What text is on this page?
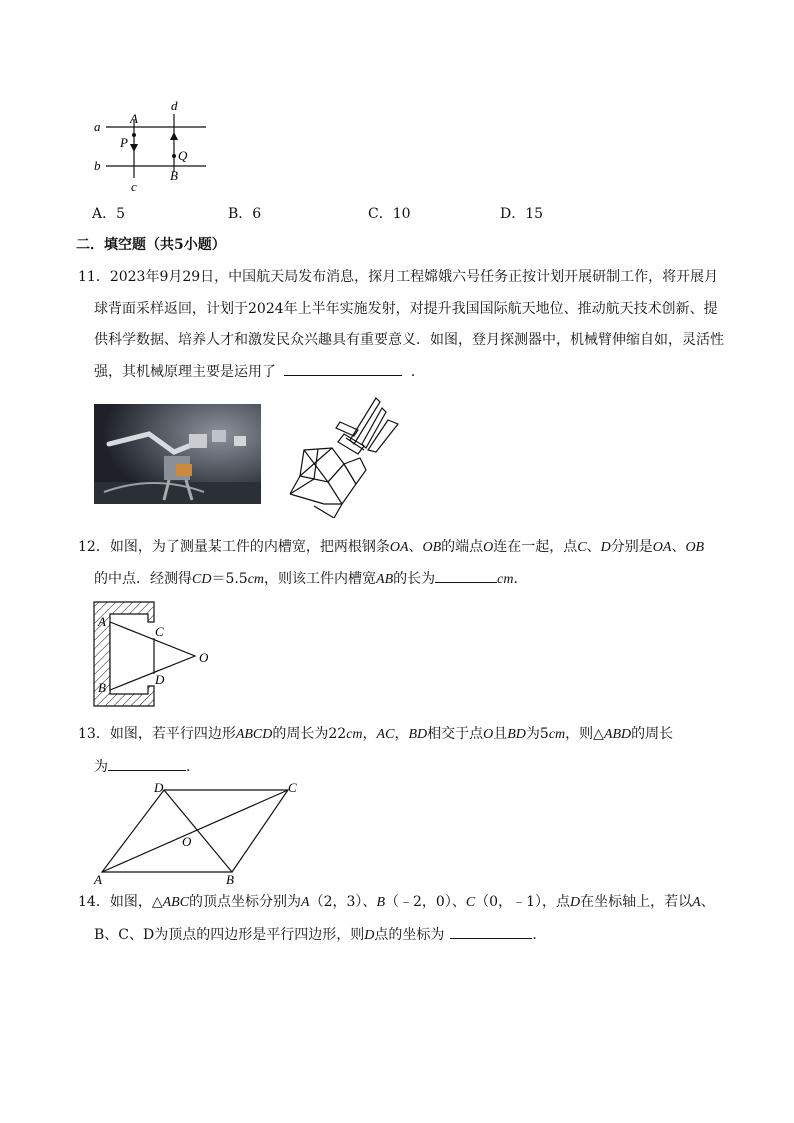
a
b
c
d
A
P
Q
B
A．5	B．6	C．10	D．15
二．填空题（共5小题）
11．2023年9月29日，中国航天局发布消息，探月工程嫦娥六号任务正按计划开展研制工作，将开展月
球背面采样返回，计划于2024年上半年实施发射，对提升我国国际航天地位、推动航天技术创新、提
供科学数据、培养人才和激发民众兴趣具有重要意义．如图，登月探测器中，机械臂伸缩自如，灵活性
强，其机械原理主要是运用了	．
12．如图，为了测量某工件的内槽宽，把两根钢条OA、OB的端点O连在一起，点C、D分别是OA、OB
的中点．经测得CD＝5.5cm，则该工件内槽宽AB的长为	cm．
A
B
C
D
O
13．如图，若平行四边形ABCD的周长为22cm，AC，BD相交于点O且BD为5cm，则△ABD的周长
为	．
A	B
C
D
O
14．如图，△ABC的顶点坐标分别为A（2，3）、B（﹣2，0）、C（0，﹣1），点D在坐标轴上，若以A、
B、C、D为顶点的四边形是平行四边形，则D点的坐标为	．
